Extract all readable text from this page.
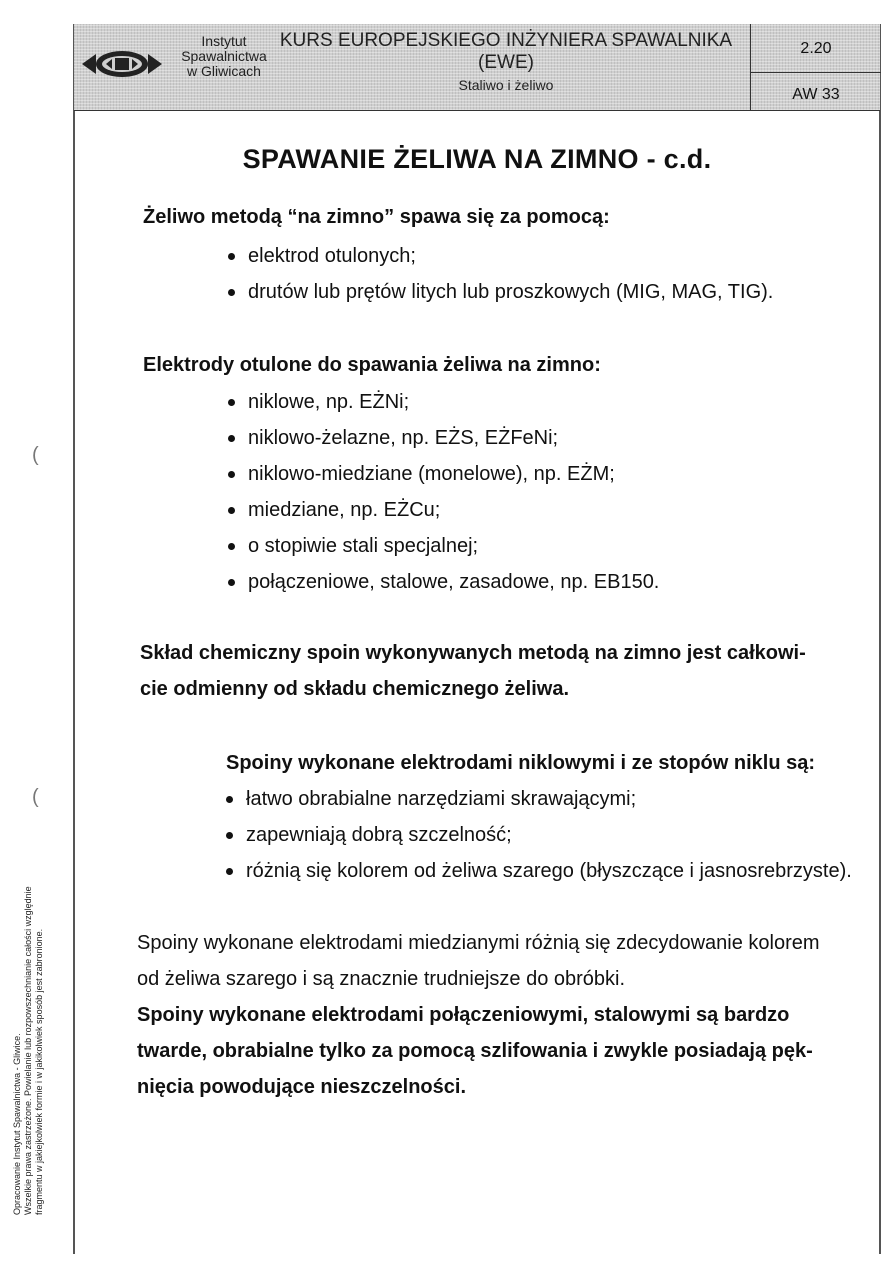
Instytut
Spawalnictwa
w Gliwicach
KURS EUROPEJSKIEGO INŻYNIERA SPAWALNIKA
(EWE)
Staliwo i żeliwo
2.20
AW 33
SPAWANIE ŻELIWA NA ZIMNO - c.d.
Żeliwo metodą “na zimno” spawa się za pomocą:
elektrod otulonych;
drutów lub prętów litych lub proszkowych (MIG, MAG, TIG).
Elektrody otulone do spawania żeliwa na zimno:
niklowe, np. EŻNi;
niklowo-żelazne, np. EŻS, EŻFeNi;
niklowo-miedziane (monelowe), np. EŻM;
miedziane, np. EŻCu;
o stopiwie stali specjalnej;
połączeniowe, stalowe, zasadowe, np. EB150.
Skład chemiczny spoin wykonywanych metodą na zimno jest całkowi-
cie odmienny od składu chemicznego żeliwa.
Spoiny wykonane elektrodami niklowymi i ze stopów niklu są:
łatwo obrabialne narzędziami skrawającymi;
zapewniają dobrą szczelność;
różnią się kolorem od żeliwa szarego (błyszczące i jasnosrebrzyste).
Spoiny wykonane elektrodami miedzianymi różnią się zdecydowanie kolorem
od żeliwa szarego i są znacznie trudniejsze do obróbki.
Spoiny wykonane elektrodami połączeniowymi, stalowymi są bardzo
twarde, obrabialne tylko za pomocą szlifowania i zwykle posiadają pęk-
nięcia powodujące nieszczelności.
(
(
Opracowanie Instytut Spawalnictwa - Gliwice. Wszelkie prawa zastrzeżone. Powielanie lub rozpowszechnianie całości względnie fragmentu w jakiejkolwiek formie i w jakikolwiek sposób jest zabronione.
